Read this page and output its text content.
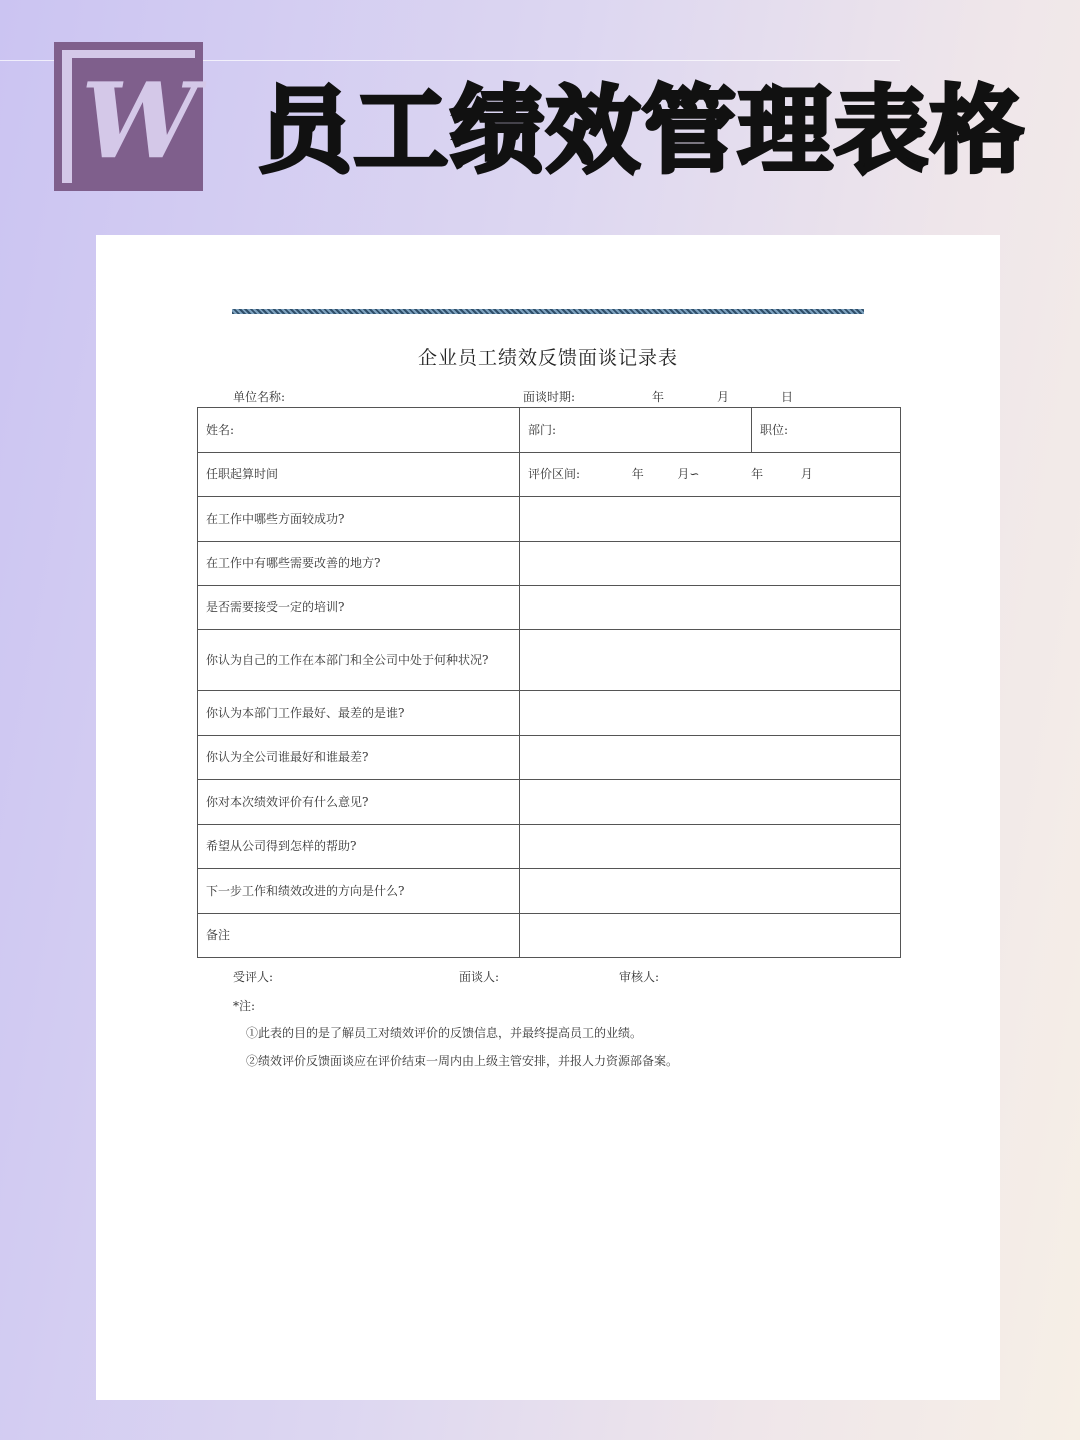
W 员工绩效管理表格
企业员工绩效反馈面谈记录表
单位名称:	面谈时期:	年	月	日
姓名:	部门:	职位:
任职起算时间	评价区间: 年 月∽ 年 月	
在工作中哪些方面较成功?		
在工作中有哪些需要改善的地方?		
是否需要接受一定的培训?		
你认为自己的工作在本部门和全公司中处于何种状况?		
你认为本部门工作最好、最差的是谁?		
你认为全公司谁最好和谁最差?		
你对本次绩效评价有什么意见?		
希望从公司得到怎样的帮助?		
下一步工作和绩效改进的方向是什么?		
备注		
受评人:	面谈人:	审核人:
*注:
①此表的目的是了解员工对绩效评价的反馈信息，并最终提高员工的业绩。
②绩效评价反馈面谈应在评价结束一周内由上级主管安排，并报人力资源部备案。
